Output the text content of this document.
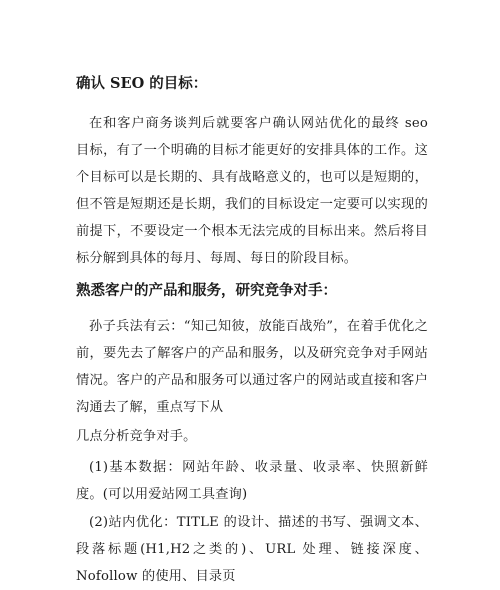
确认 SEO 的目标：

在和客户商务谈判后就要客户确认网站优化的最终 seo 目标，有了一个明确的目标才能更好的安排具体的工作。这个目标可以是长期的、具有战略意义的，也可以是短期的，但不管是短期还是长期，我们的目标设定一定要可以实现的前提下，不要设定一个根本无法完成的目标出来。然后将目标分解到具体的每月、每周、每日的阶段目标。

熟悉客户的产品和服务，研究竞争对手：

孙子兵法有云：“知己知彼，放能百战殆”，在着手优化之前，要先去了解客户的产品和服务，以及研究竞争对手网站情况。客户的产品和服务可以通过客户的网站或直接和客户沟通去了解，重点写下从

几点分析竞争对手。

(1)基本数据：网站年龄、收录量、收录率、快照新鲜度。(可以用爱站网工具查询)

(2)站内优化：TITLE 的设计、描述的书写、强调文本、段落标题(H1,H2之类的)、URL 处理、链接深度、Nofollow 的使用、目录页
